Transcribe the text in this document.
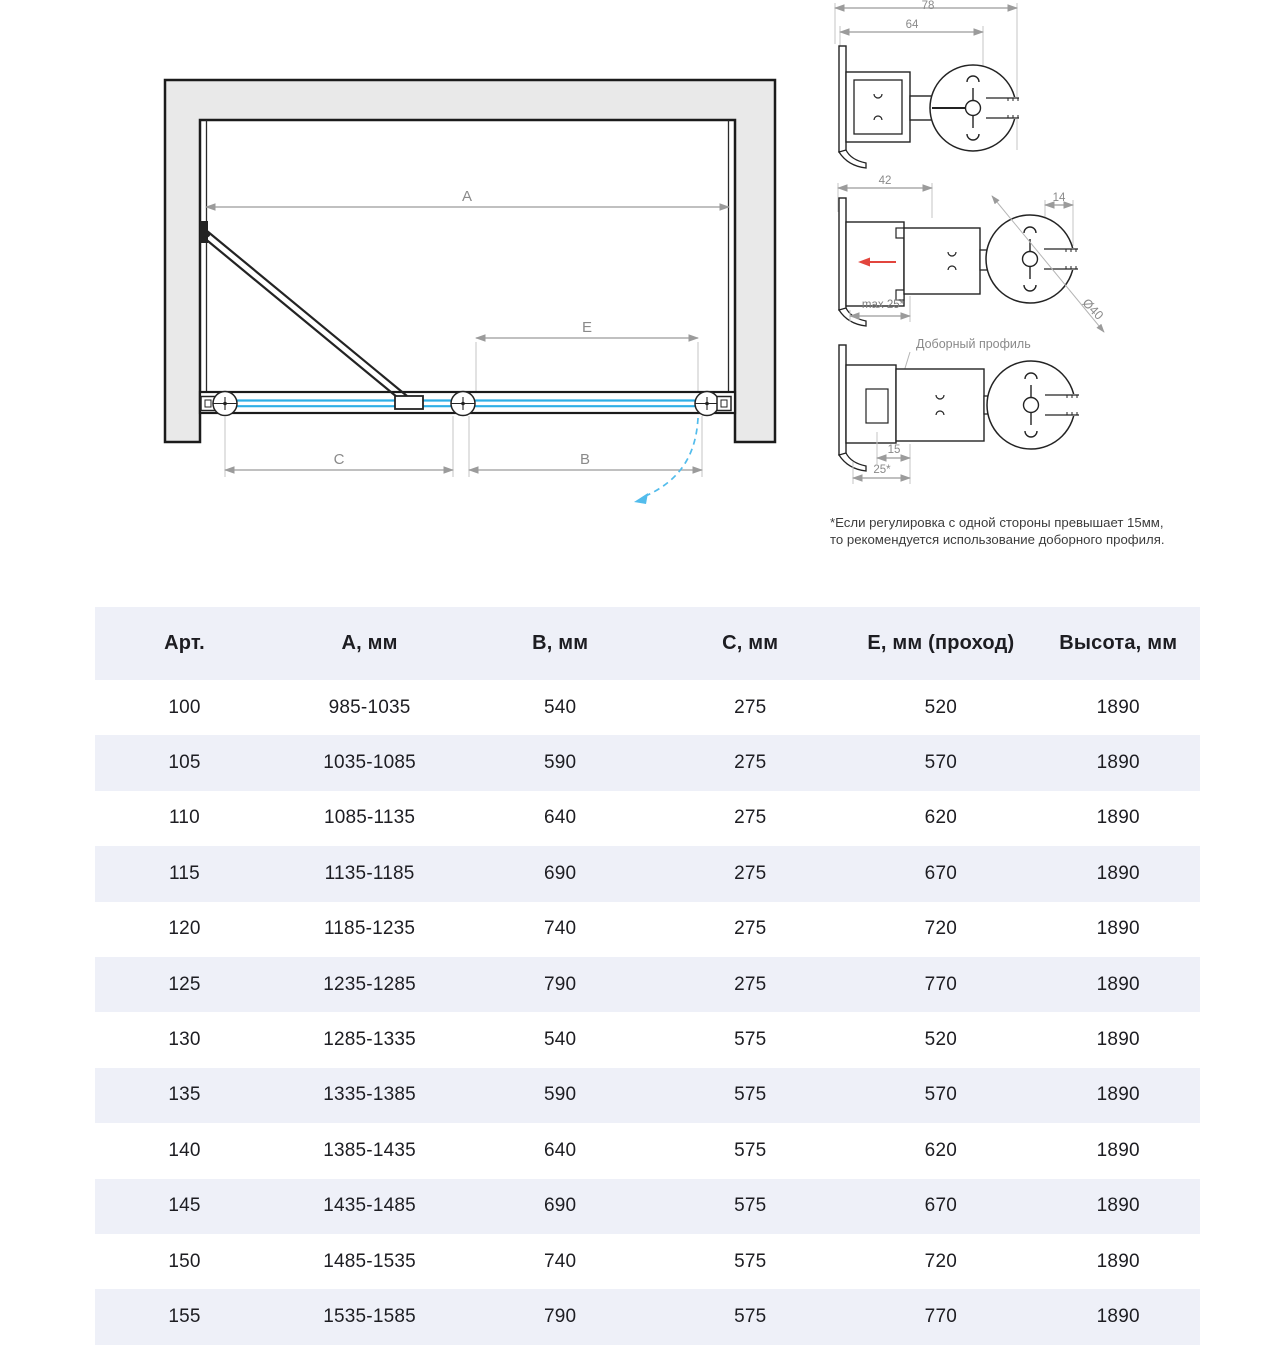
A
E
C	B
78
64
42
14
max 25*	Ø40
Доборный профиль
15
25*
*Если регулировка с одной стороны превышает 15мм,
то рекомендуется использование доборного профиля.
Арт.	А, мм	В, мм	С, мм	Е, мм (проход)	Высота, мм
100	985-1035	540	275	520	1890
105	1035-1085	590	275	570	1890
110	1085-1135	640	275	620	1890
115	1135-1185	690	275	670	1890
120	1185-1235	740	275	720	1890
125	1235-1285	790	275	770	1890
130	1285-1335	540	575	520	1890
135	1335-1385	590	575	570	1890
140	1385-1435	640	575	620	1890
145	1435-1485	690	575	670	1890
150	1485-1535	740	575	720	1890
155	1535-1585	790	575	770	1890
